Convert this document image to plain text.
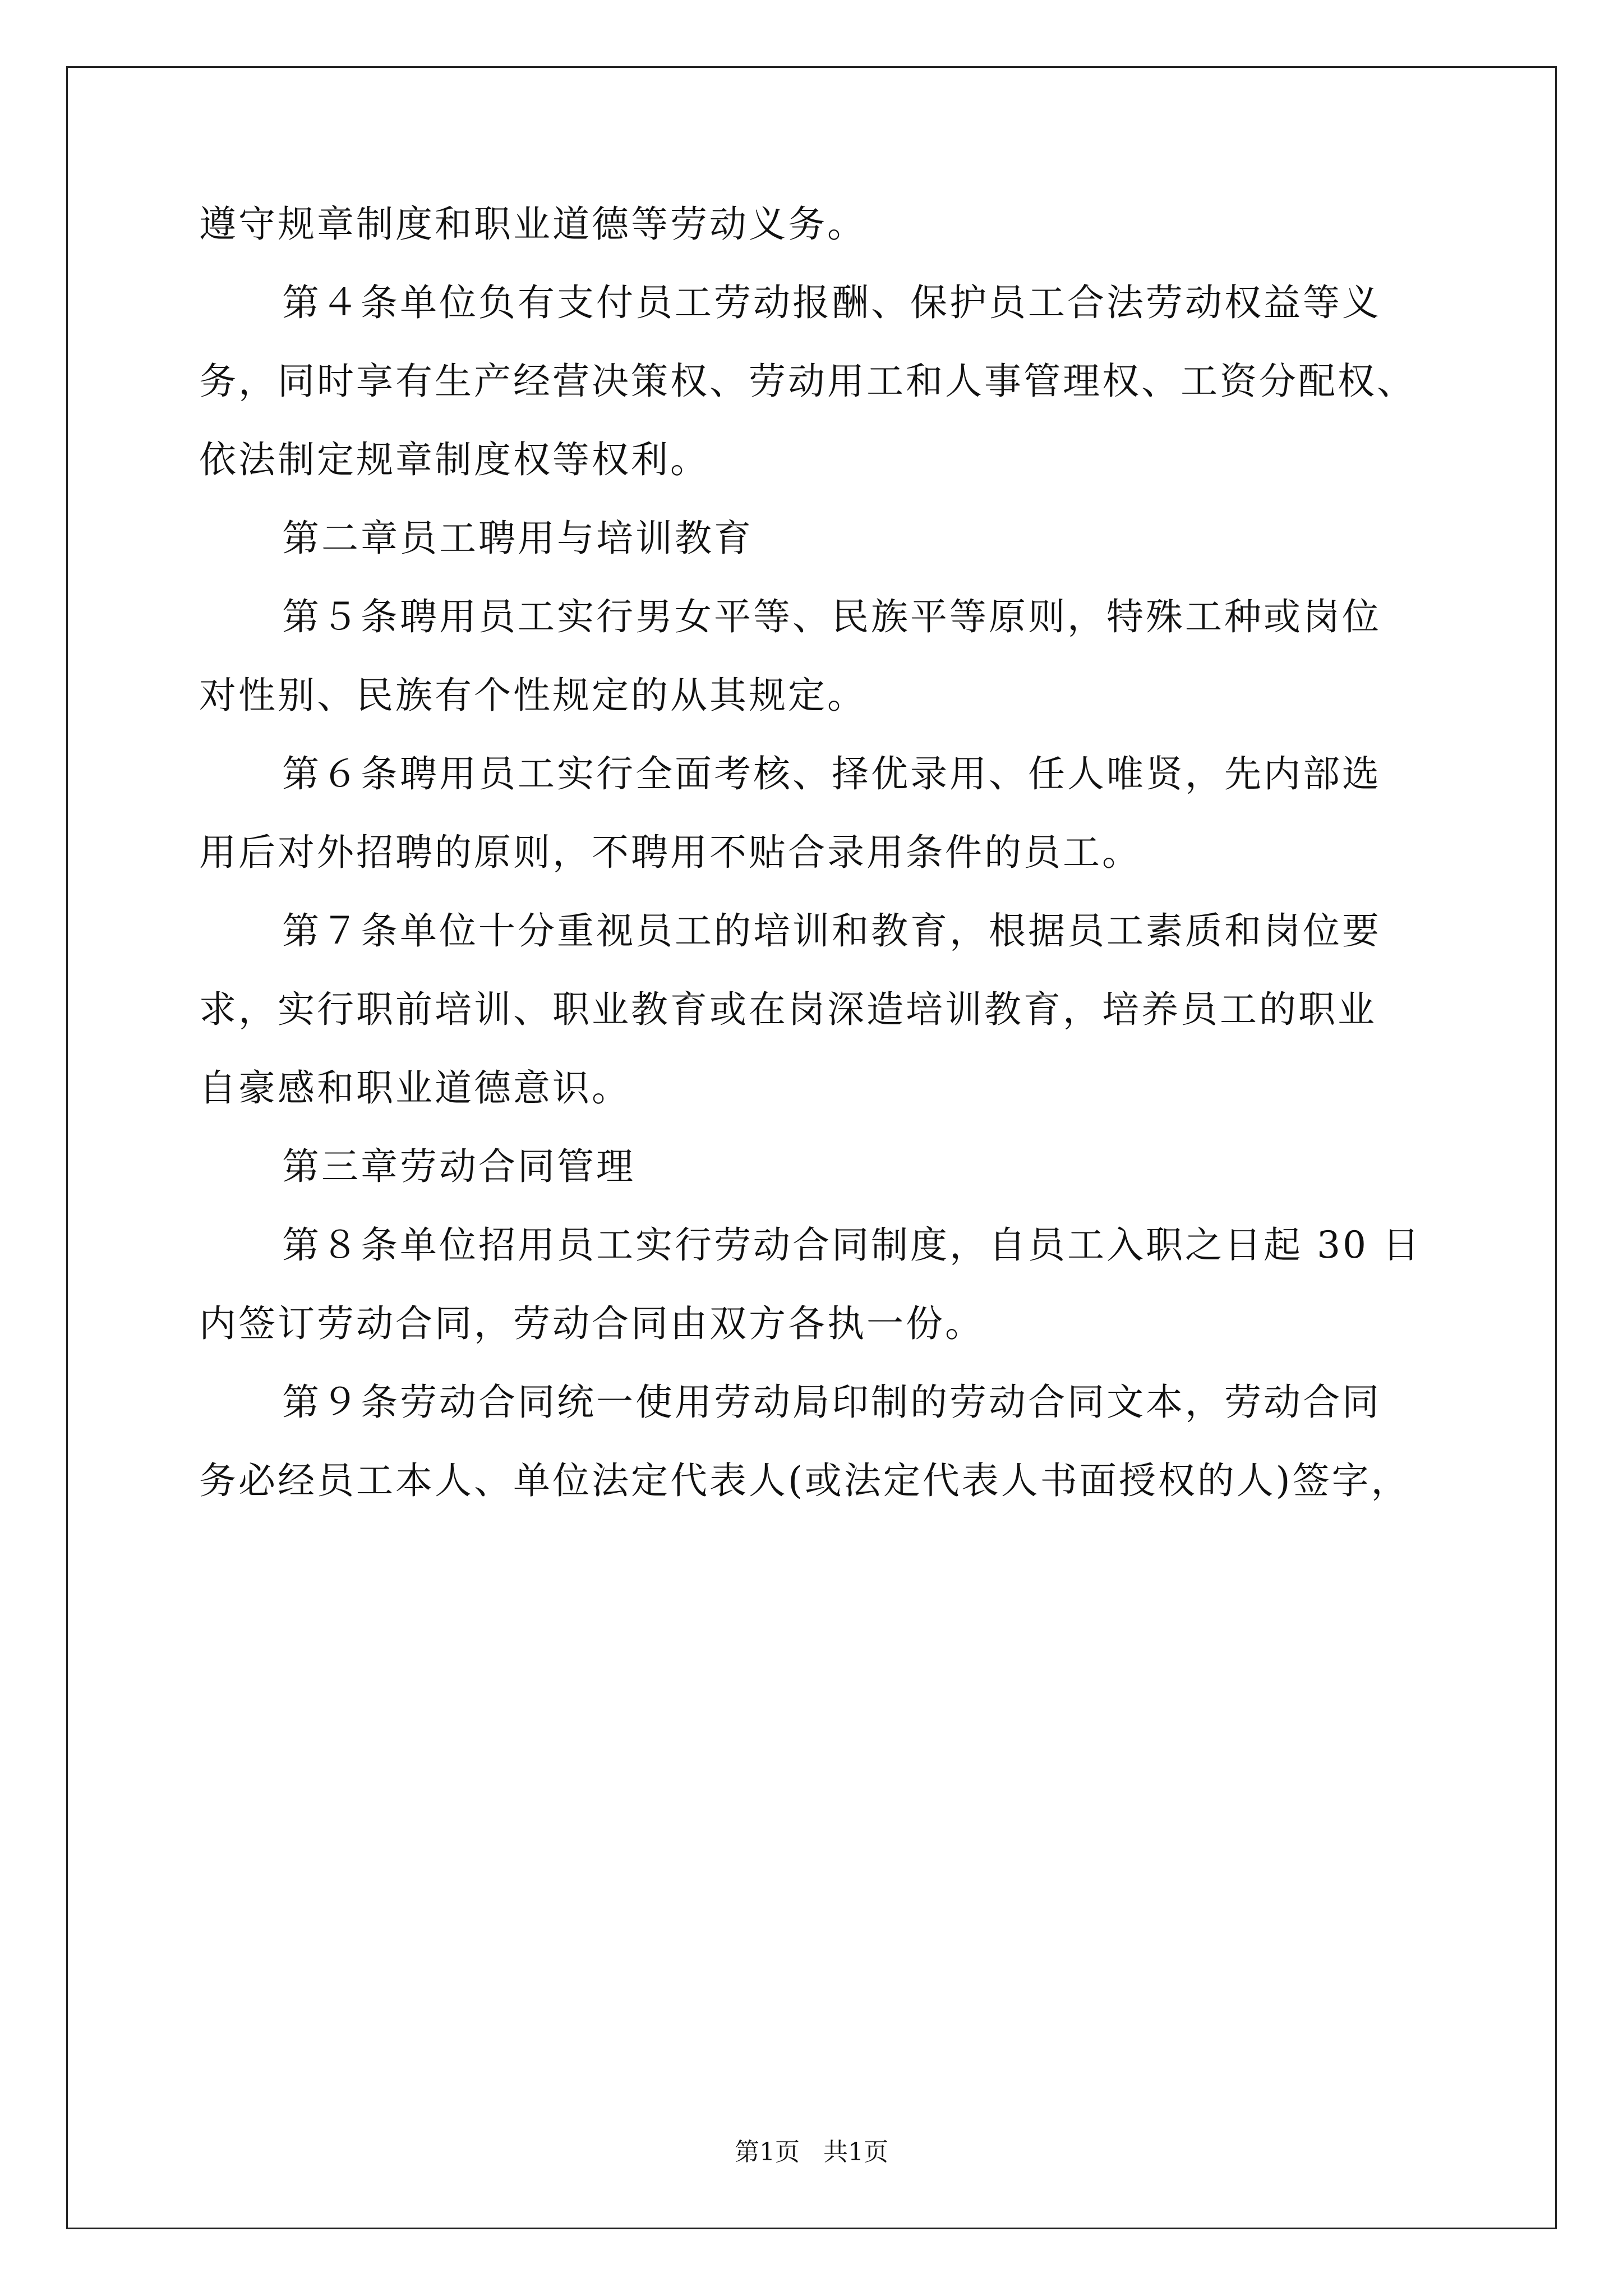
遵守规章制度和职业道德等劳动义务。
第４条单位负有支付员工劳动报酬、保护员工合法劳动权益等义
务，同时享有生产经营决策权、劳动用工和人事管理权、工资分配权、
依法制定规章制度权等权利。
第二章员工聘用与培训教育
第５条聘用员工实行男女平等、民族平等原则，特殊工种或岗位
对性别、民族有个性规定的从其规定。
第６条聘用员工实行全面考核、择优录用、任人唯贤，先内部选
用后对外招聘的原则，不聘用不贴合录用条件的员工。
第７条单位十分重视员工的培训和教育，根据员工素质和岗位要
求，实行职前培训、职业教育或在岗深造培训教育，培养员工的职业
自豪感和职业道德意识。
第三章劳动合同管理
第８条单位招用员工实行劳动合同制度，自员工入职之日起 30 日
内签订劳动合同，劳动合同由双方各执一份。
第９条劳动合同统一使用劳动局印制的劳动合同文本，劳动合同
务必经员工本人、单位法定代表人(或法定代表人书面授权的人)签字，
第1页 共1页
